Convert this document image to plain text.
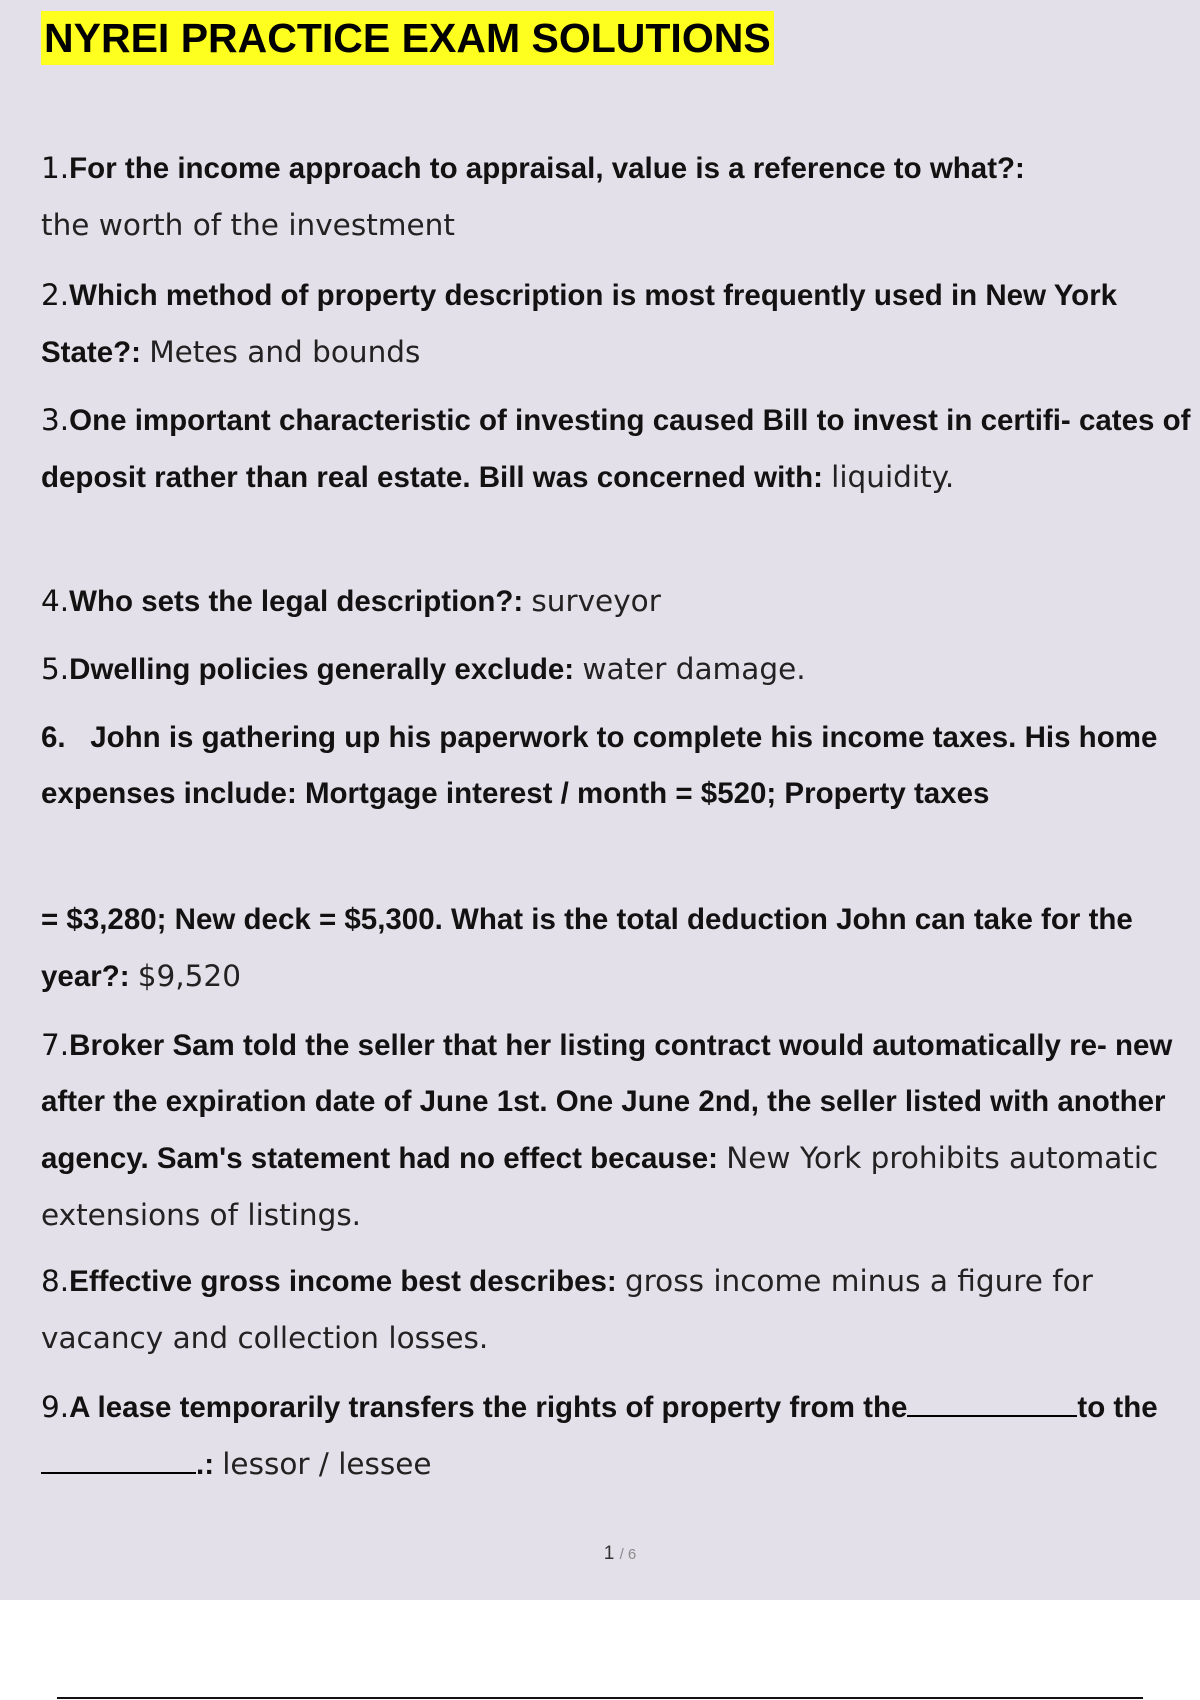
NYREI PRACTICE EXAM SOLUTIONS

1.For the income approach to appraisal, value is a reference to what?:
the worth of the investment

2.Which method of property description is most frequently used in New York State?: Metes and bounds

3.One important characteristic of investing caused Bill to invest in certifi- cates of deposit rather than real estate. Bill was concerned with: liquidity.

4.Who sets the legal description?: surveyor

5.Dwelling policies generally exclude: water damage.

6. John is gathering up his paperwork to complete his income taxes. His home expenses include: Mortgage interest / month = $520; Property taxes

= $3,280; New deck = $5,300. What is the total deduction John can take for the year?: $9,520

7.Broker Sam told the seller that her listing contract would automatically re- new after the expiration date of June 1st. One June 2nd, the seller listed with another agency. Sam's statement had no effect because: New York prohibits automatic extensions of listings.

8.Effective gross income best describes: gross income minus a figure for vacancy and collection losses.

9.A lease temporarily transfers the rights of property from the	to the.: lessor / lessee

1 / 6
